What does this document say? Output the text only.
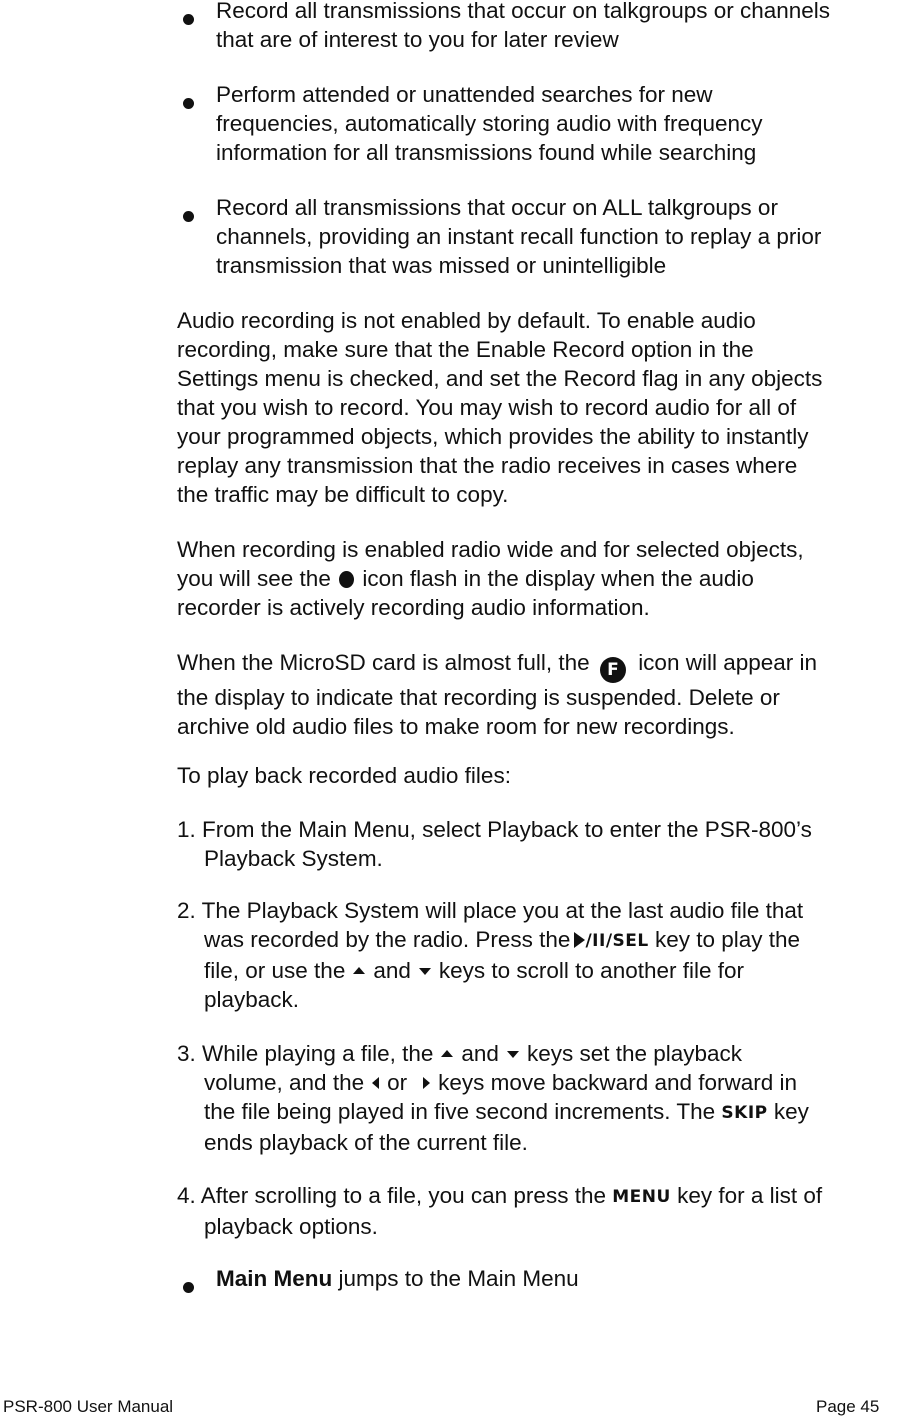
Record all transmissions that occur on talkgroups or channels
that are of interest to you for later review
Perform attended or unattended searches for new
frequencies, automatically storing audio with frequency
information for all transmissions found while searching
Record all transmissions that occur on ALL talkgroups or
channels, providing an instant recall function to replay a prior
transmission that was missed or unintelligible
Audio recording is not enabled by default. To enable audio
recording, make sure that the Enable Record option in the
Settings menu is checked, and set the Record flag in any objects
that you wish to record. You may wish to record audio for all of
your programmed objects, which provides the ability to instantly
replay any transmission that the radio receives in cases where
the traffic may be difficult to copy.
When recording is enabled radio wide and for selected objects,
you will see the icon flash in the display when the audio
recorder is actively recording audio information.
When the MicroSD card is almost full, the F icon will appear in
the display to indicate that recording is suspended. Delete or
archive old audio files to make room for new recordings.
To play back recorded audio files:
1. From the Main Menu, select Playback to enter the PSR-800’s
Playback System.
2. The Playback System will place you at the last audio file that
was recorded by the radio. Press the /II/SEL key to play the
file, or use the and keys to scroll to another file for
playback.
3. While playing a file, the and keys set the playback
volume, and the or keys move backward and forward in
the file being played in five second increments. The SKIP key
ends playback of the current file.
4. After scrolling to a file, you can press the MENU key for a list of
playback options.
Main Menu jumps to the Main Menu
PSR-800 User Manual	Page 45
